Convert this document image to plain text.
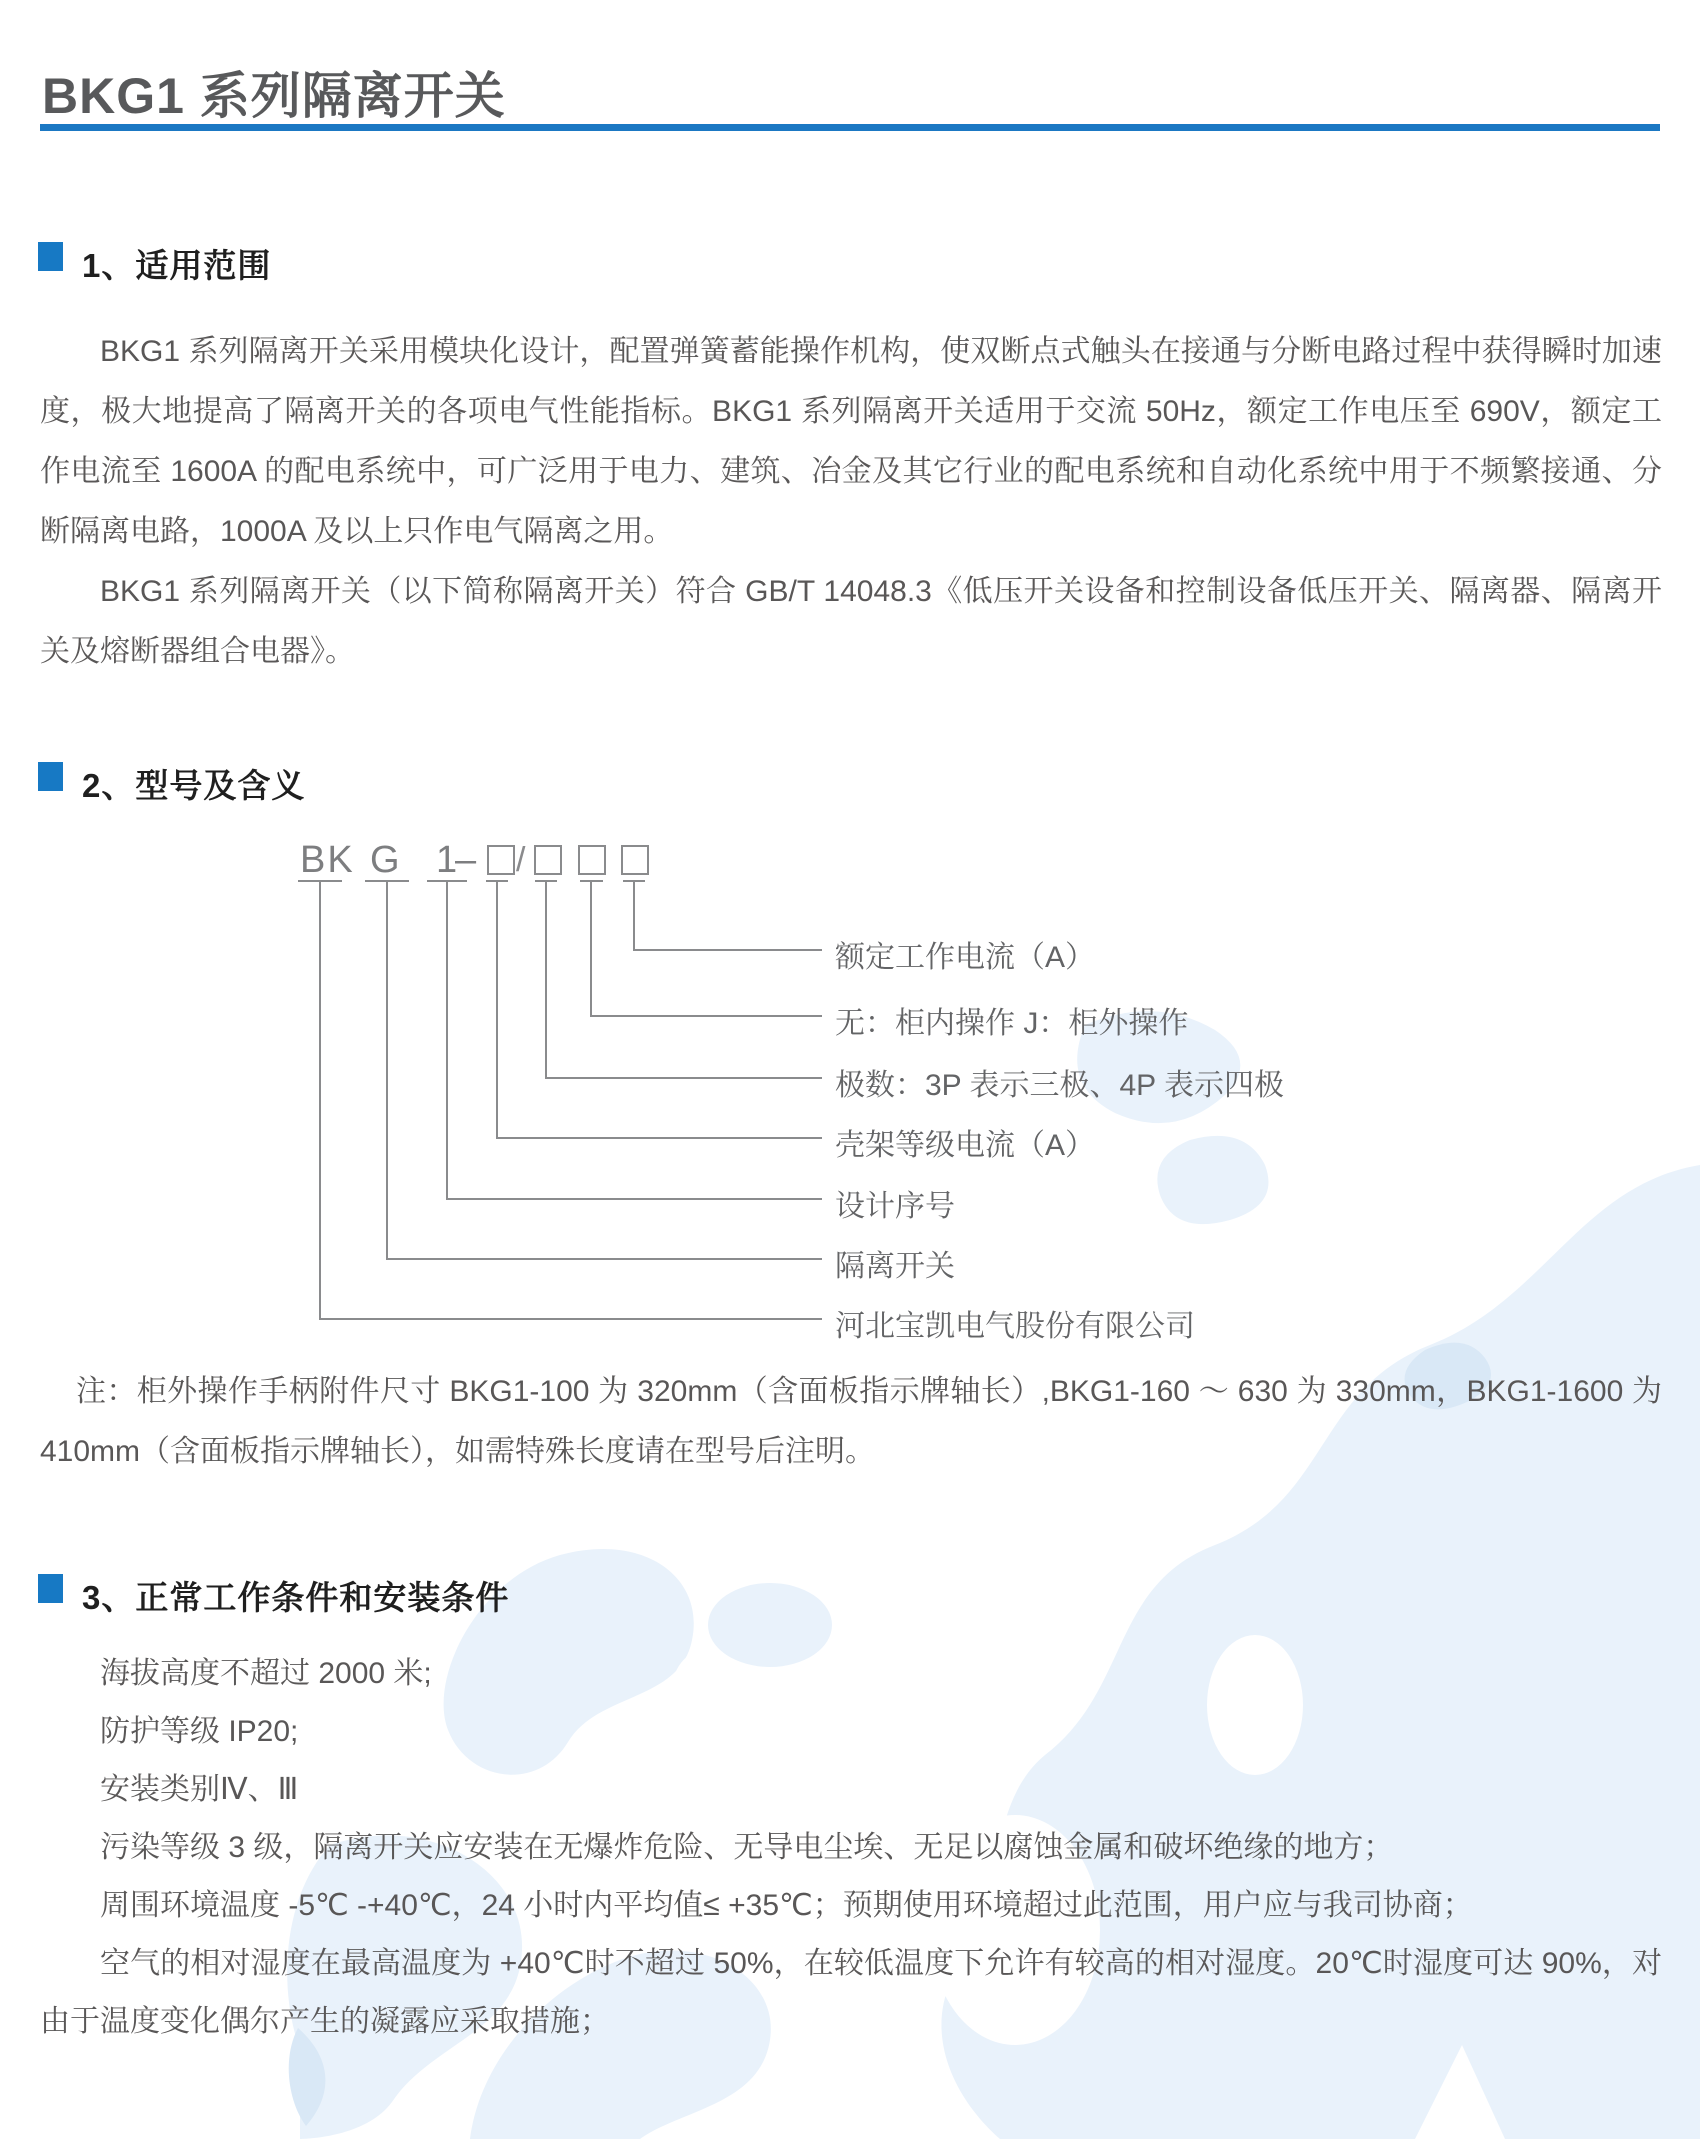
BKG1 系列隔离开关
1、适用范围

BKG1 系列隔离开关采用模块化设计，配置弹簧蓄能操作机构，使双断点式触头在接通与分断电路过程中获得瞬时加速度，极大地提高了隔离开关的各项电气性能指标。BKG1 系列隔离开关适用于交流 50Hz，额定工作电压至 690V，额定工作电流至 1600A 的配电系统中，可广泛用于电力、建筑、冶金及其它行业的配电系统和自动化系统中用于不频繁接通、分断隔离电路，1000A 及以上只作电气隔离之用。

BKG1 系列隔离开关（以下简称隔离开关）符合 GB/T 14048.3《低压开关设备和控制设备低压开关、隔离器、隔离开关及熔断器组合电器》。

2、型号及含义
BK G 1
– /
额定工作电流（A）
无：柜内操作 J：柜外操作
极数：3P 表示三极、4P 表示四极
壳架等级电流（A）
设计序号
隔离开关
河北宝凯电气股份有限公司

注：柜外操作手柄附件尺寸 BKG1-100 为 320mm（含面板指示牌轴长）,BKG1-160 ～ 630 为 330mm，BKG1-1600 为 410mm（含面板指示牌轴长），如需特殊长度请在型号后注明。

3、正常工作条件和安装条件

海拔高度不超过 2000 米;

防护等级 IP20;

安装类别Ⅳ、Ⅲ

污染等级 3 级，隔离开关应安装在无爆炸危险、无导电尘埃、无足以腐蚀金属和破坏绝缘的地方；

周围环境温度 -5℃ -+40℃，24 小时内平均值≤ +35℃；预期使用环境超过此范围，用户应与我司协商；

空气的相对湿度在最高温度为 +40℃时不超过 50%，在较低温度下允许有较高的相对湿度。20℃时湿度可达 90%，对由于温度变化偶尔产生的凝露应采取措施；
